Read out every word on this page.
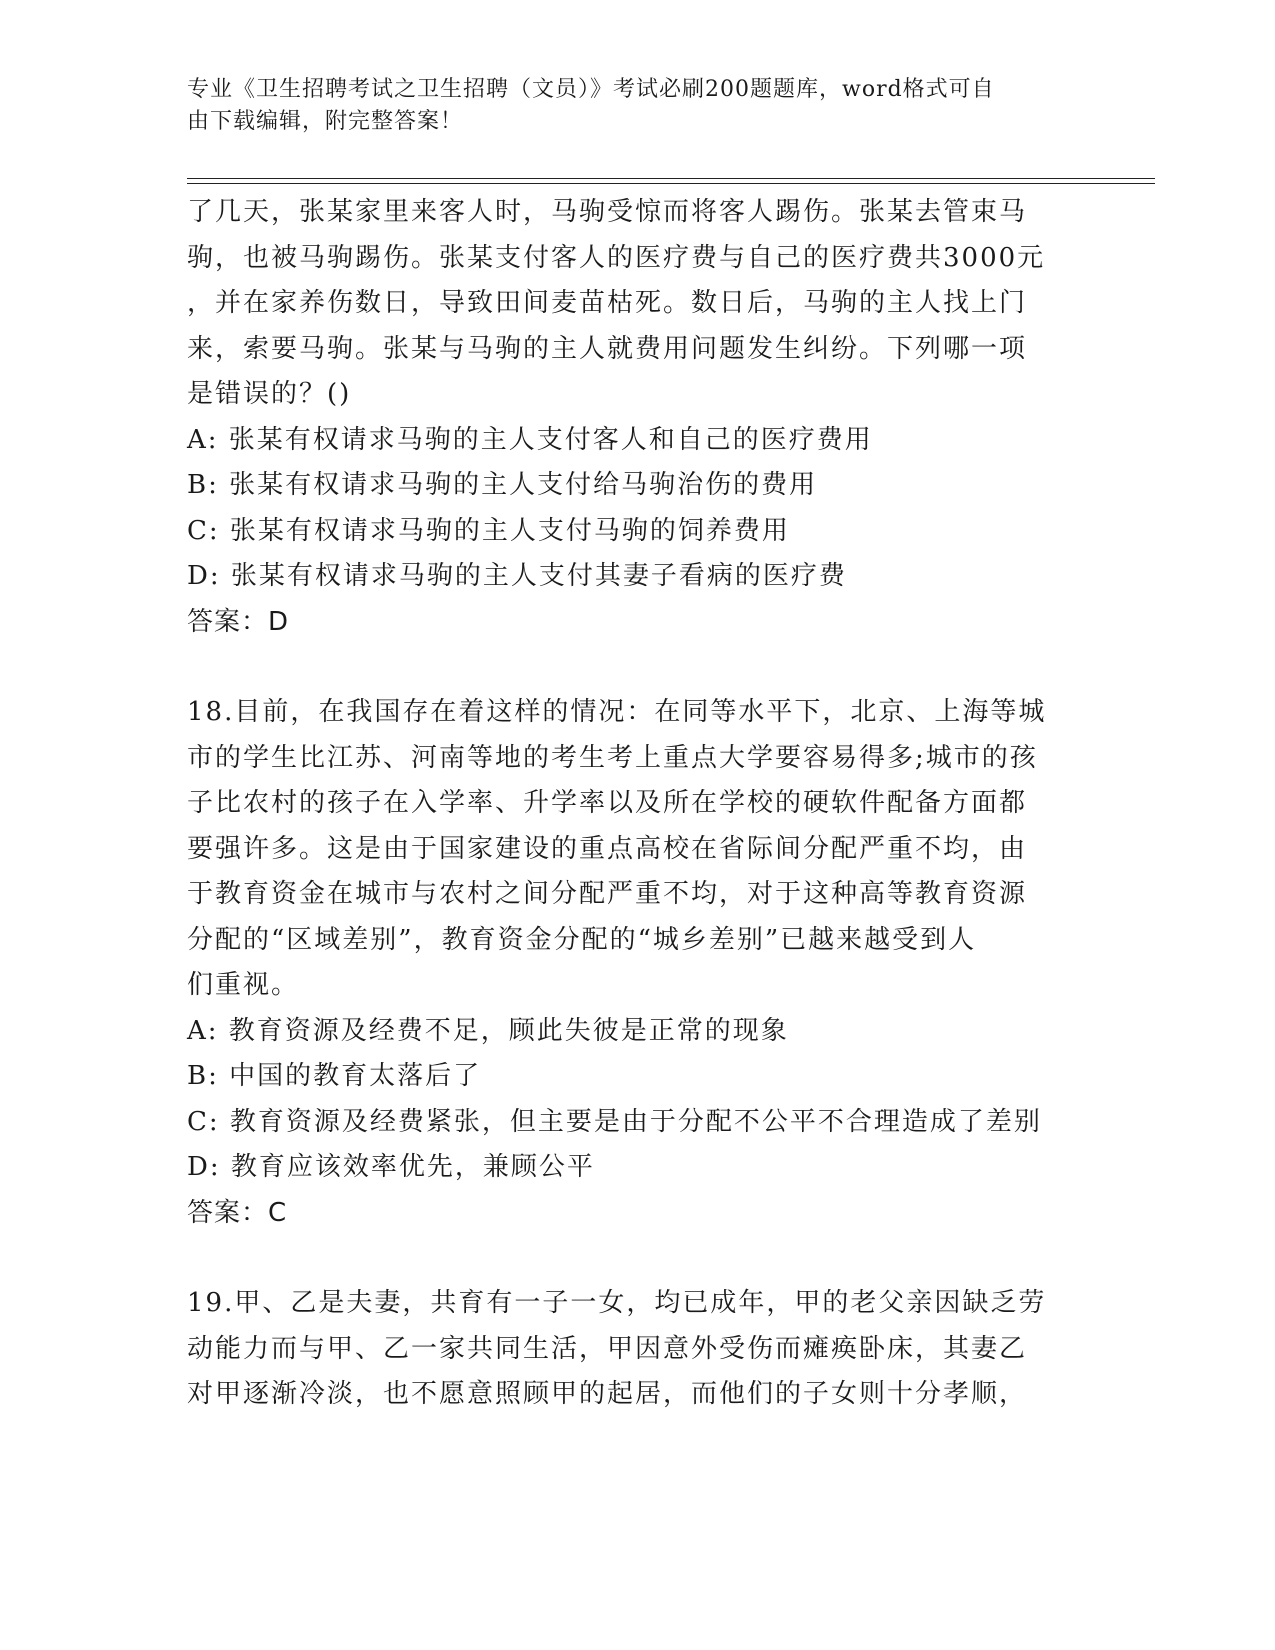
专业《卫生招聘考试之卫生招聘（文员）》考试必刷200题题库，word格式可自
由下载编辑，附完整答案！
了几天，张某家里来客人时，马驹受惊而将客人踢伤。张某去管束马
驹，也被马驹踢伤。张某支付客人的医疗费与自己的医疗费共3000元
，并在家养伤数日，导致田间麦苗枯死。数日后，马驹的主人找上门
来，索要马驹。张某与马驹的主人就费用问题发生纠纷。下列哪一项
是错误的？()
A: 张某有权请求马驹的主人支付客人和自己的医疗费用
B: 张某有权请求马驹的主人支付给马驹治伤的费用
C: 张某有权请求马驹的主人支付马驹的饲养费用
D: 张某有权请求马驹的主人支付其妻子看病的医疗费
答案：D
18.目前，在我国存在着这样的情况：在同等水平下，北京、上海等城
市的学生比江苏、河南等地的考生考上重点大学要容易得多;城市的孩
子比农村的孩子在入学率、升学率以及所在学校的硬软件配备方面都
要强许多。这是由于国家建设的重点高校在省际间分配严重不均，由
于教育资金在城市与农村之间分配严重不均，对于这种高等教育资源
分配的“区域差别”，教育资金分配的“城乡差别”已越来越受到人
们重视。
A: 教育资源及经费不足，顾此失彼是正常的现象
B: 中国的教育太落后了
C: 教育资源及经费紧张，但主要是由于分配不公平不合理造成了差别
D: 教育应该效率优先，兼顾公平
答案：C
19.甲、乙是夫妻，共育有一子一女，均已成年，甲的老父亲因缺乏劳
动能力而与甲、乙一家共同生活，甲因意外受伤而瘫痪卧床，其妻乙
对甲逐渐冷淡，也不愿意照顾甲的起居，而他们的子女则十分孝顺，
